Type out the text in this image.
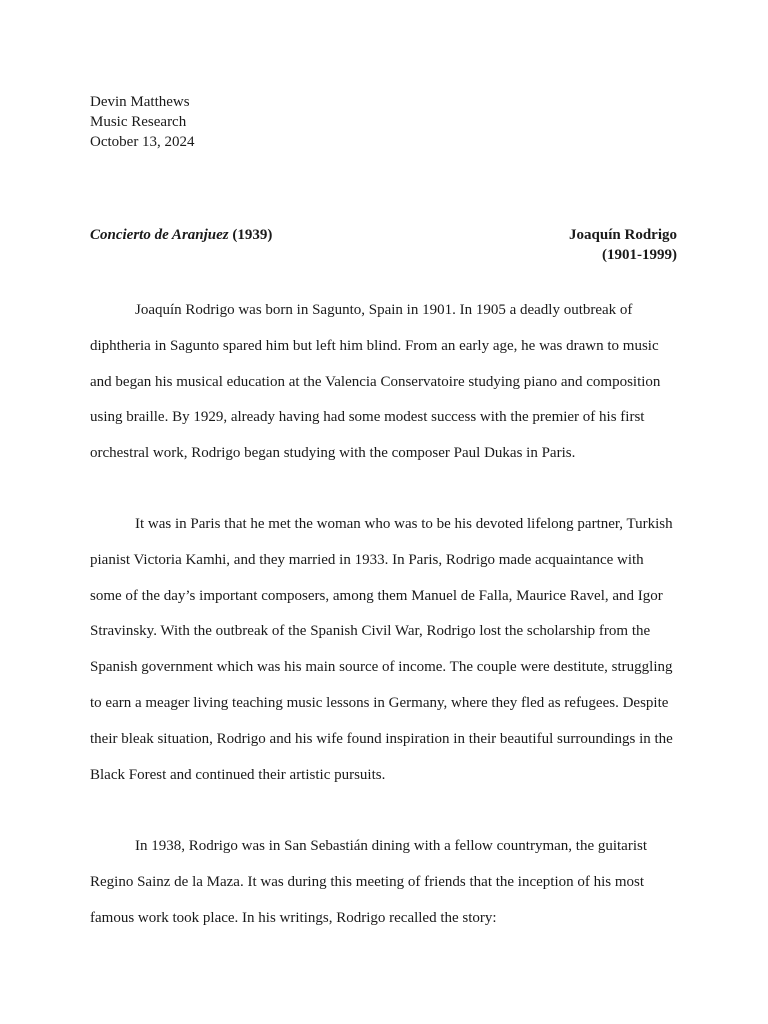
Devin Matthews
Music Research
October 13, 2024
Concierto de Aranjuez (1939)	Joaquín Rodrigo
(1901-1999)
Joaquín Rodrigo was born in Sagunto, Spain in 1901. In 1905 a deadly outbreak of
diphtheria in Sagunto spared him but left him blind. From an early age, he was drawn to music
and began his musical education at the Valencia Conservatoire studying piano and composition
using braille. By 1929, already having had some modest success with the premier of his first
orchestral work, Rodrigo began studying with the composer Paul Dukas in Paris.
It was in Paris that he met the woman who was to be his devoted lifelong partner, Turkish
pianist Victoria Kamhi, and they married in 1933. In Paris, Rodrigo made acquaintance with
some of the day’s important composers, among them Manuel de Falla, Maurice Ravel, and Igor
Stravinsky. With the outbreak of the Spanish Civil War, Rodrigo lost the scholarship from the
Spanish government which was his main source of income. The couple were destitute, struggling
to earn a meager living teaching music lessons in Germany, where they fled as refugees. Despite
their bleak situation, Rodrigo and his wife found inspiration in their beautiful surroundings in the
Black Forest and continued their artistic pursuits.
In 1938, Rodrigo was in San Sebastián dining with a fellow countryman, the guitarist
Regino Sainz de la Maza. It was during this meeting of friends that the inception of his most
famous work took place. In his writings, Rodrigo recalled the story:
